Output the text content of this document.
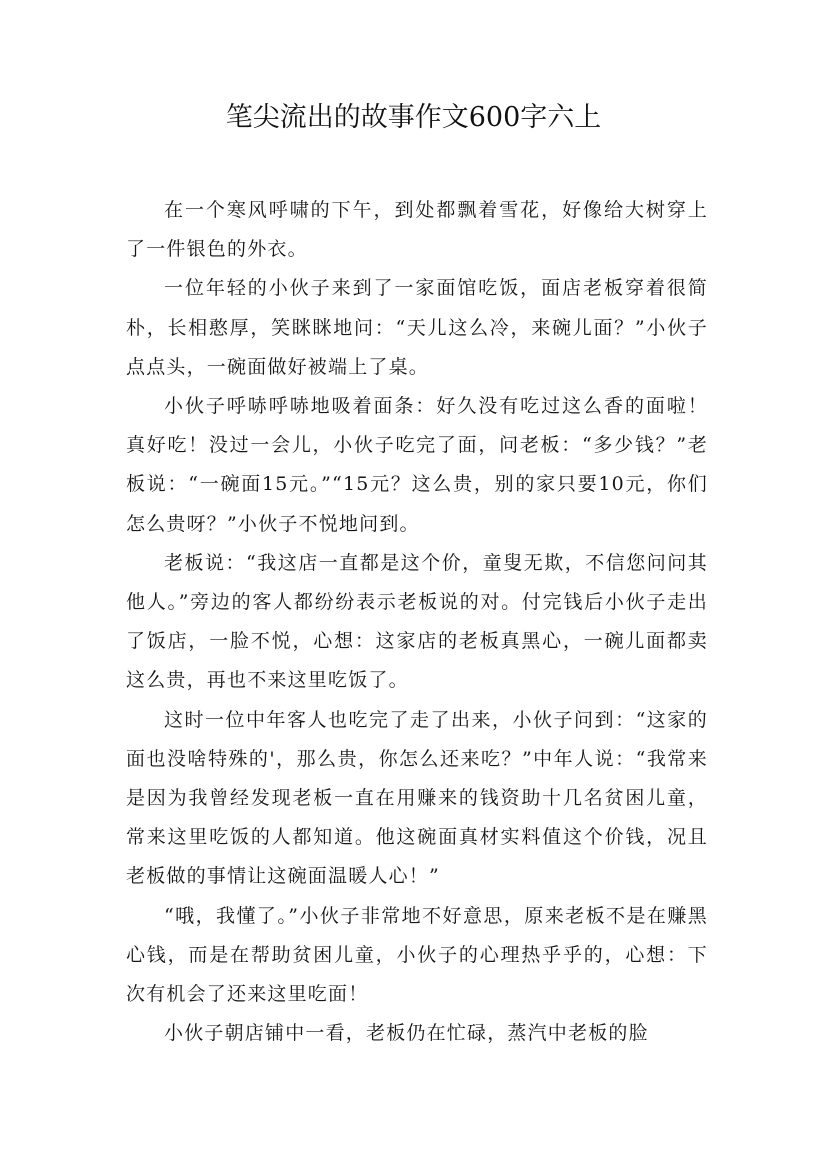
笔尖流出的故事作文600字六上

在一个寒风呼啸的下午，到处都飘着雪花，好像给大树穿上了一件银色的外衣。

一位年轻的小伙子来到了一家面馆吃饭，面店老板穿着很简朴，长相憨厚，笑眯眯地问：“天儿这么冷，来碗儿面？”小伙子点点头，一碗面做好被端上了桌。

小伙子呼哧呼哧地吸着面条：好久没有吃过这么香的面啦！真好吃！没过一会儿，小伙子吃完了面，问老板：“多少钱？”老板说：“一碗面15元。”“15元？这么贵，别的家只要10元，你们怎么贵呀？”小伙子不悦地问到。

老板说：“我这店一直都是这个价，童叟无欺，不信您问问其他人。”旁边的客人都纷纷表示老板说的对。付完钱后小伙子走出了饭店，一脸不悦，心想：这家店的老板真黑心，一碗儿面都卖这么贵，再也不来这里吃饭了。

这时一位中年客人也吃完了走了出来，小伙子问到：“这家的面也没啥特殊的'，那么贵，你怎么还来吃？”中年人说：“我常来是因为我曾经发现老板一直在用赚来的钱资助十几名贫困儿童，常来这里吃饭的人都知道。他这碗面真材实料值这个价钱，况且老板做的事情让这碗面温暖人心！”

“哦，我懂了。”小伙子非常地不好意思，原来老板不是在赚黑心钱，而是在帮助贫困儿童，小伙子的心理热乎乎的，心想：下次有机会了还来这里吃面！

小伙子朝店铺中一看，老板仍在忙碌，蒸汽中老板的脸
